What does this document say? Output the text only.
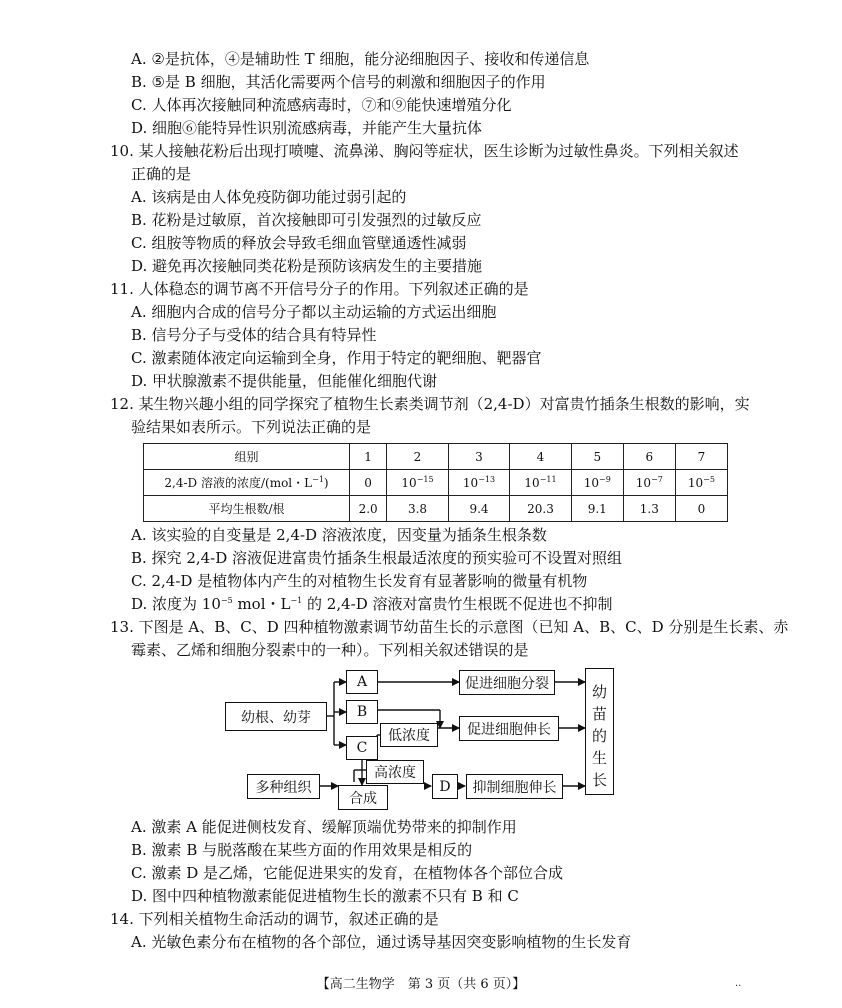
A. ②是抗体，④是辅助性 T 细胞，能分泌细胞因子、接收和传递信息
B. ⑤是 B 细胞，其活化需要两个信号的刺激和细胞因子的作用
C. 人体再次接触同种流感病毒时，⑦和⑨能快速增殖分化
D. 细胞⑥能特异性识别流感病毒，并能产生大量抗体
10. 某人接触花粉后出现打喷嚏、流鼻涕、胸闷等症状，医生诊断为过敏性鼻炎。下列相关叙述
正确的是
A. 该病是由人体免疫防御功能过弱引起的
B. 花粉是过敏原，首次接触即可引发强烈的过敏反应
C. 组胺等物质的释放会导致毛细血管壁通透性减弱
D. 避免再次接触同类花粉是预防该病发生的主要措施
11. 人体稳态的调节离不开信号分子的作用。下列叙述正确的是
A. 细胞内合成的信号分子都以主动运输的方式运出细胞
B. 信号分子与受体的结合具有特异性
C. 激素随体液定向运输到全身，作用于特定的靶细胞、靶器官
D. 甲状腺激素不提供能量，但能催化细胞代谢
12. 某生物兴趣小组的同学探究了植物生长素类调节剂（2,4-D）对富贵竹插条生根数的影响，实
验结果如表所示。下列说法正确的是
组别	1	2	3	4	5	6	7
2,4-D 溶液的浓度/(mol・$L^{-1}$)	0	$10^{-15}$	$10^{-13}$	$10^{-11}$	$10^{-9}$	$10^{-7}$	$10^{-5}$
平均生根数/根	2.0	3.8	9.4	20.3	9.1	1.3	0
A. 该实验的自变量是 2,4-D 溶液浓度，因变量为插条生根条数
B. 探究 2,4-D 溶液促进富贵竹插条生根最适浓度的预实验可不设置对照组
C. 2,4-D 是植物体内产生的对植物生长发育有显著影响的微量有机物
D. 浓度为 $10^{-5}$ mol・$L^{-1}$ 的 2,4-D 溶液对富贵竹生根既不促进也不抑制
13. 下图是 A、B、C、D 四种植物激素调节幼苗生长的示意图（已知 A、B、C、D 分别是生长素、赤
霉素、乙烯和细胞分裂素中的一种）。下列相关叙述错误的是
幼根、幼芽
A
B
C
低浓度
高浓度
合成
多种组织	D
促进细胞分裂
促进细胞伸长
抑制细胞伸长
幼
苗
的
生
长
A. 激素 A 能促进侧枝发育、缓解顶端优势带来的抑制作用
B. 激素 B 与脱落酸在某些方面的作用效果是相反的
C. 激素 D 是乙烯，它能促进果实的发育，在植物体各个部位合成
D. 图中四种植物激素能促进植物生长的激素不只有 B 和 C
14. 下列相关植物生命活动的调节，叙述正确的是
A. 光敏色素分布在植物的各个部位，通过诱导基因突变影响植物的生长发育
【高二生物学　第 3 页（共 6 页）】	..
